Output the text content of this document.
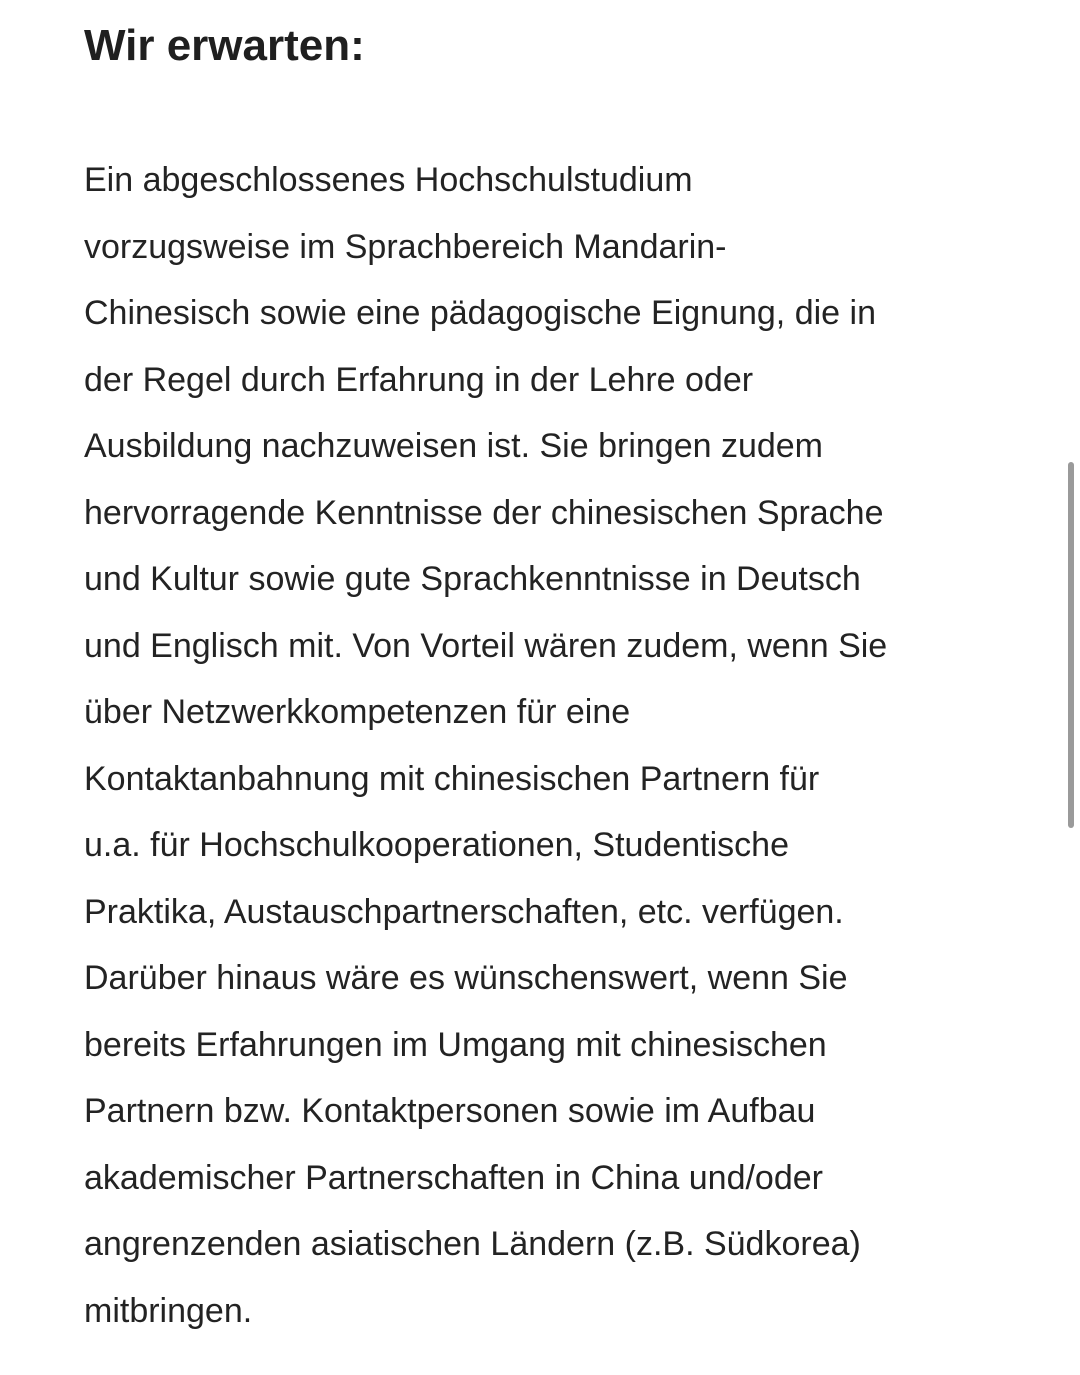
Wir erwarten:

Ein abgeschlossenes Hochschulstudium
vorzugsweise im Sprachbereich Mandarin-
Chinesisch sowie eine pädagogische Eignung, die in
der Regel durch Erfahrung in der Lehre oder
Ausbildung nachzuweisen ist. Sie bringen zudem
hervorragende Kenntnisse der chinesischen Sprache
und Kultur sowie gute Sprachkenntnisse in Deutsch
und Englisch mit. Von Vorteil wären zudem, wenn Sie
über Netzwerkkompetenzen für eine
Kontaktanbahnung mit chinesischen Partnern für
u.a. für Hochschulkooperationen, Studentische
Praktika, Austauschpartnerschaften, etc. verfügen.
Darüber hinaus wäre es wünschenswert, wenn Sie
bereits Erfahrungen im Umgang mit chinesischen
Partnern bzw. Kontaktpersonen sowie im Aufbau
akademischer Partnerschaften in China und/oder
angrenzenden asiatischen Ländern (z.B. Südkorea)
mitbringen.
